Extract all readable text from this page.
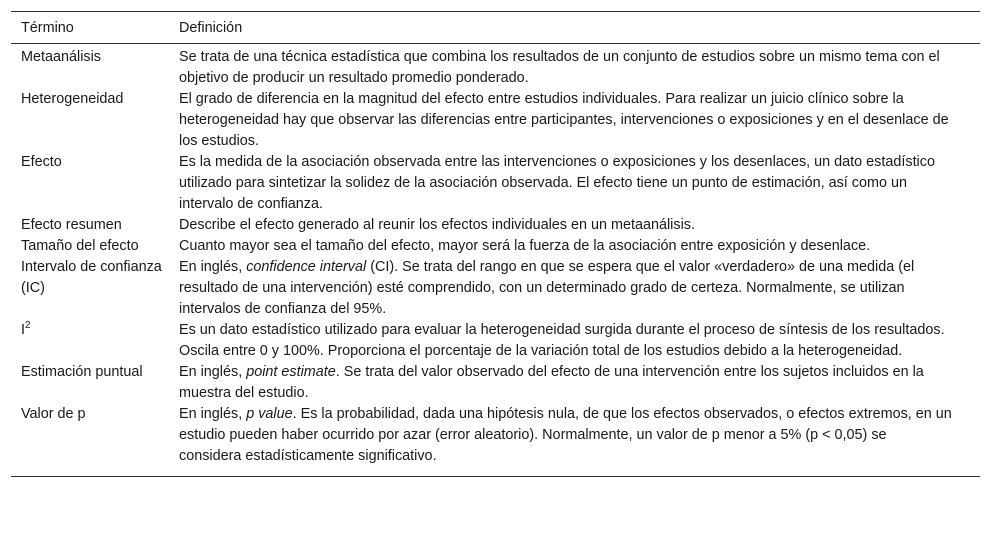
Término	Definición
Metaanálisis	Se trata de una técnica estadística que combina los resultados de un conjunto de estudios sobre un mismo tema con el objetivo de producir un resultado promedio ponderado.
Heterogeneidad	El grado de diferencia en la magnitud del efecto entre estudios individuales. Para realizar un juicio clínico sobre la heterogeneidad hay que observar las diferencias entre participantes, intervenciones o exposiciones y en el desenlace de los estudios.
Efecto	Es la medida de la asociación observada entre las intervenciones o exposiciones y los desenlaces, un dato estadístico utilizado para sintetizar la solidez de la asociación observada. El efecto tiene un punto de estimación, así como un intervalo de confianza.
Efecto resumen	Describe el efecto generado al reunir los efectos individuales en un metaanálisis.
Tamaño del efecto	Cuanto mayor sea el tamaño del efecto, mayor será la fuerza de la asociación entre exposición y desenlace.
Intervalo de confianza (IC)	En inglés, confidence interval (CI). Se trata del rango en que se espera que el valor «verdadero» de una medida (el resultado de una intervención) esté comprendido, con un determinado grado de certeza. Normalmente, se utilizan intervalos de confianza del 95%.
$I^2$	Es un dato estadístico utilizado para evaluar la heterogeneidad surgida durante el proceso de síntesis de los resultados. Oscila entre 0 y 100%. Proporciona el porcentaje de la variación total de los estudios debido a la heterogeneidad.
Estimación puntual	En inglés, point estimate. Se trata del valor observado del efecto de una intervención entre los sujetos incluidos en la muestra del estudio.
Valor de p	En inglés, p value. Es la probabilidad, dada una hipótesis nula, de que los efectos observados, o efectos extremos, en un estudio pueden haber ocurrido por azar (error aleatorio). Normalmente, un valor de p menor a 5% (p < 0,05) se considera estadísticamente significativo.
